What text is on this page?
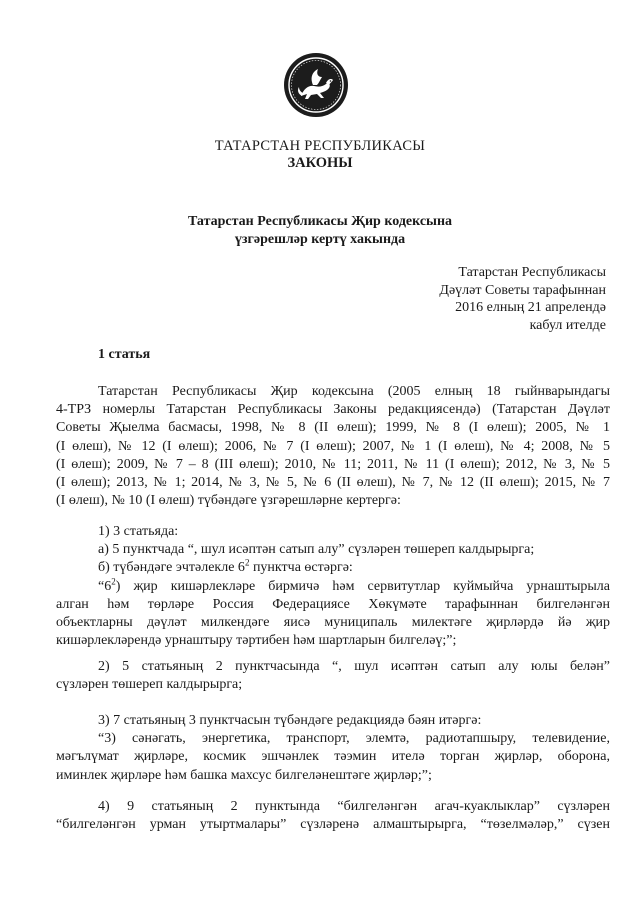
ТАТАРСТАН РЕСПУБЛИКАСЫ
ЗАКОНЫ
Татарстан Республикасы Җир кодексына
үзгәрешләр кертү хакында
Татарстан Республикасы
Дәүләт Советы тарафыннан
2016 елның 21 апрелендә
кабул ителде
1 статья
Татарстан Республикасы Җир кодексына (2005 елның 18 гыйнварындагы
4-ТРЗ номерлы Татарстан Республикасы Законы редакциясендә) (Татарстан Дәүләт
Советы Җыелма басмасы, 1998, № 8 (II өлеш); 1999, № 8 (I өлеш); 2005, № 1
(I өлеш), № 12 (I өлеш); 2006, № 7 (I өлеш); 2007, № 1 (I өлеш), № 4; 2008, № 5
(I өлеш); 2009, № 7 – 8 (III өлеш); 2010, № 11; 2011, № 11 (I өлеш); 2012, № 3, № 5
(I өлеш); 2013, № 1; 2014, № 3, № 5, № 6 (II өлеш), № 7, № 12 (II өлеш); 2015, № 7
(I өлеш), № 10 (I өлеш) түбәндәге үзгәрешләрне кертергә:
1) 3 статьяда:
а) 5 пунктчада “, шул исәптән сатып алу” сүзләрен төшереп калдырырга;
б) түбәндәге эчтәлекле $6^2$ пунктча өстәргә:
“$6^2$) җир кишәрлекләре бирмичә һәм сервитутлар куймыйча урнаштырыла
алган һәм төрләре Россия Федерациясе Хөкүмәте тарафыннан билгеләнгән
объектларны дәүләт милкендәге яисә муниципаль милектәге җирләрдә йә җир
кишәрлекләрендә урнаштыру тәртибен һәм шартларын билгеләү;”;
2) 5 статьяның 2 пунктчасында “, шул исәптән сатып алу юлы белән”
сүзләрен төшереп калдырырга;
3) 7 статьяның 3 пунктчасын түбәндәге редакциядә бәян итәргә:
“3) сәнәгать, энергетика, транспорт, элемтә, радиотапшыру, телевидение,
мәгълүмат җирләре, космик эшчәнлек тәэмин ителә торган җирләр, оборона,
иминлек җирләре һәм башка махсус билгеләнештәге җирләр;”;
4) 9 статьяның 2 пунктында “билгеләнгән агач-куаклыклар” сүзләрен
“билгеләнгән урман утыртмалары” сүзләренә алмаштырырга, “төзелмәләр,” сүзен
